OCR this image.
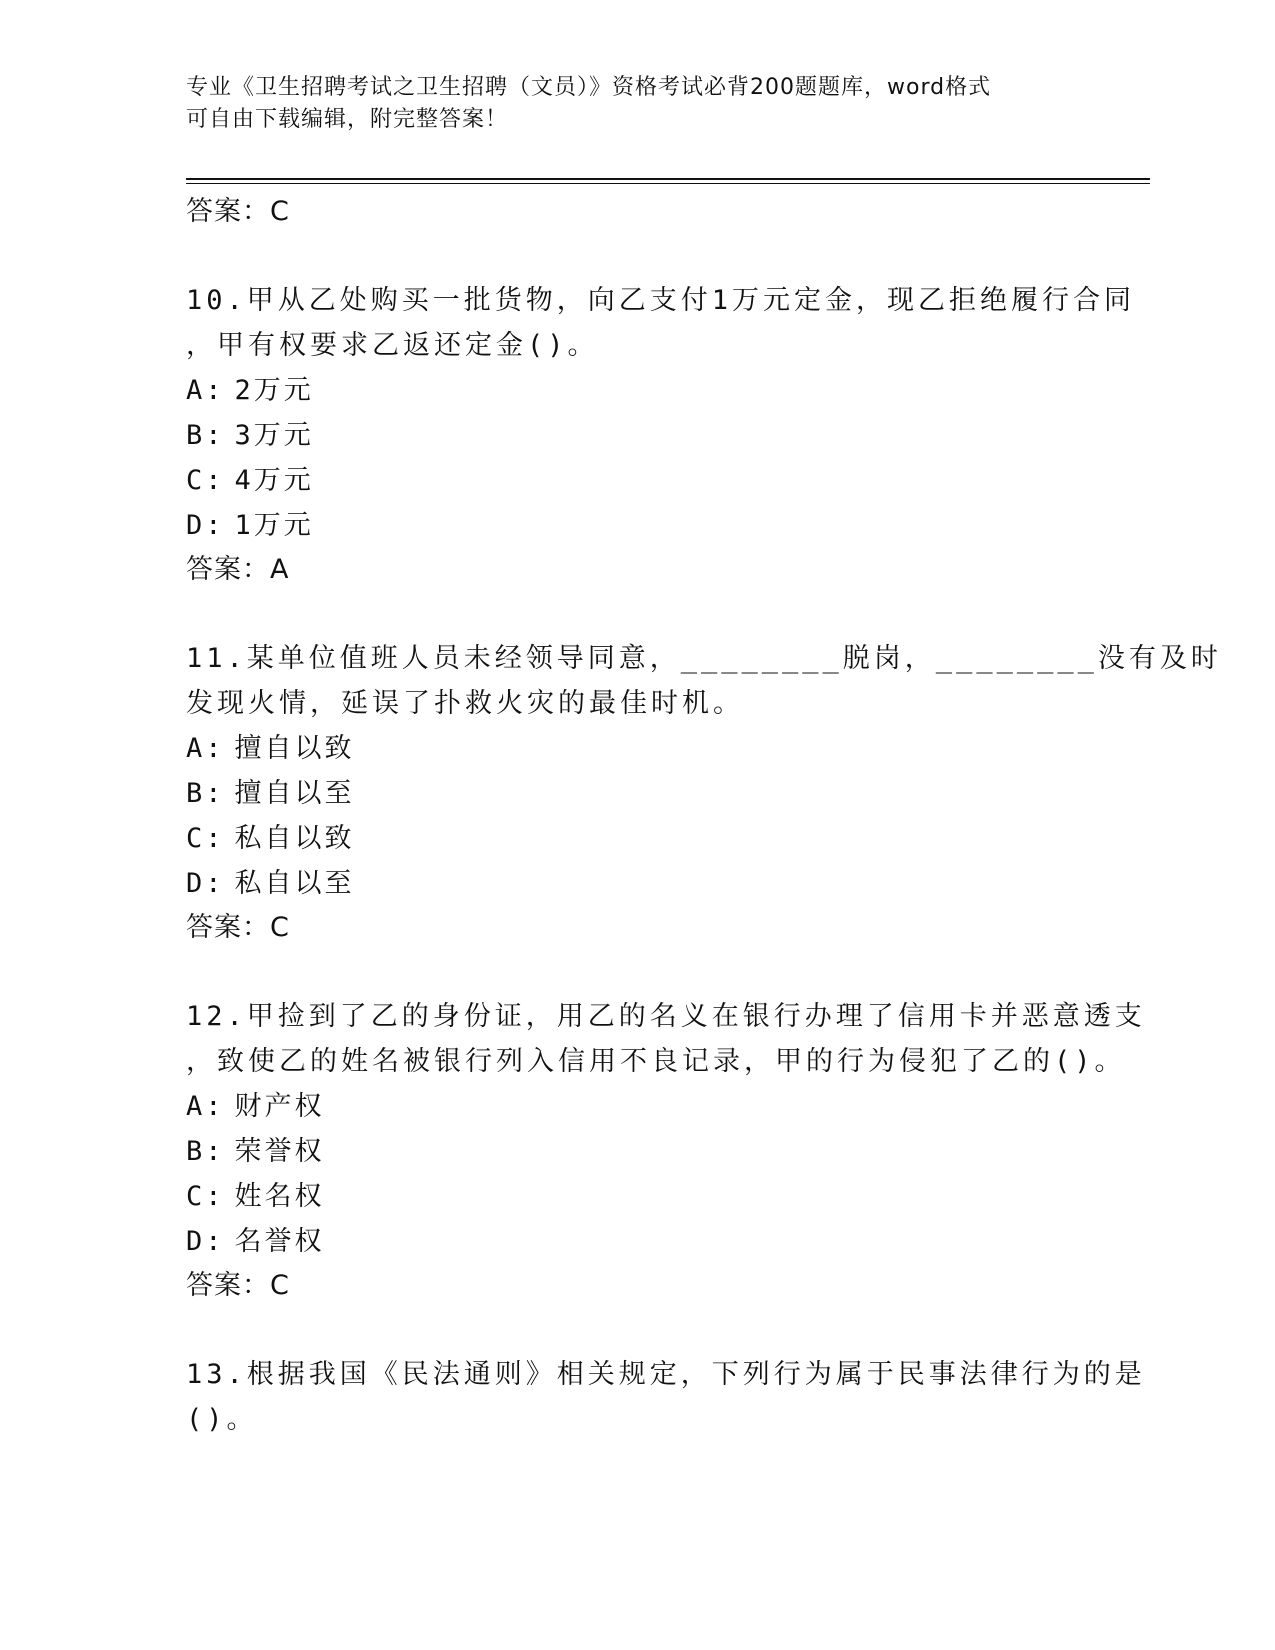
专业《卫生招聘考试之卫生招聘（文员）》资格考试必背200题题库，word格式
可自由下载编辑，附完整答案！
答案：C
10.甲从乙处购买一批货物，向乙支付1万元定金，现乙拒绝履行合同
，甲有权要求乙返还定金()。
A: 2万元
B: 3万元
C: 4万元
D: 1万元
答案：A
11.某单位值班人员未经领导同意，________脱岗，________没有及时
发现火情，延误了扑救火灾的最佳时机。
A: 擅自以致
B: 擅自以至
C: 私自以致
D: 私自以至
答案：C
12.甲捡到了乙的身份证，用乙的名义在银行办理了信用卡并恶意透支
，致使乙的姓名被银行列入信用不良记录，甲的行为侵犯了乙的()。
A: 财产权
B: 荣誉权
C: 姓名权
D: 名誉权
答案：C
13.根据我国《民法通则》相关规定，下列行为属于民事法律行为的是
()。
